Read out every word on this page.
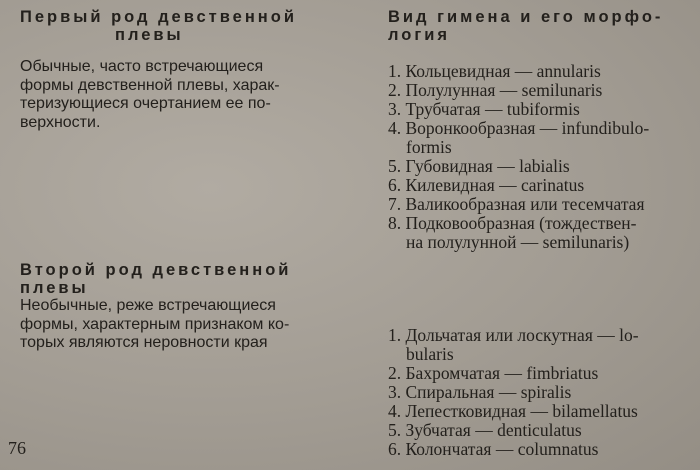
Первый род девственной
плевы

Обычные, часто встречающиеся
формы девственной плевы, харак-
теризующиеся очертанием ее по-
верхности.

Второй род девственной
плевы

Необычные, реже встречающиеся
формы, характерным признаком ко-
торых являются неровности края

Вид гимена и его морфо-
логия
1. Кольцевидная — annularis
2. Полулунная — semilunaris
3. Трубчатая — tubiformis
4. Воронкообразная — infundibulo-
formis
5. Губовидная — labialis
6. Килевидная — carinatus
7. Валикообразная или тесемчатая
8. Подковообразная (тождествен-
на полулунной — semilunaris)
1. Дольчатая или лоскутная — lo-
bularis
2. Бахромчатая — fimbriatus
3. Спиральная — spiralis
4. Лепестковидная — bilamellatus
5. Зубчатая — denticulatus
6. Колончатая — columnatus
76
